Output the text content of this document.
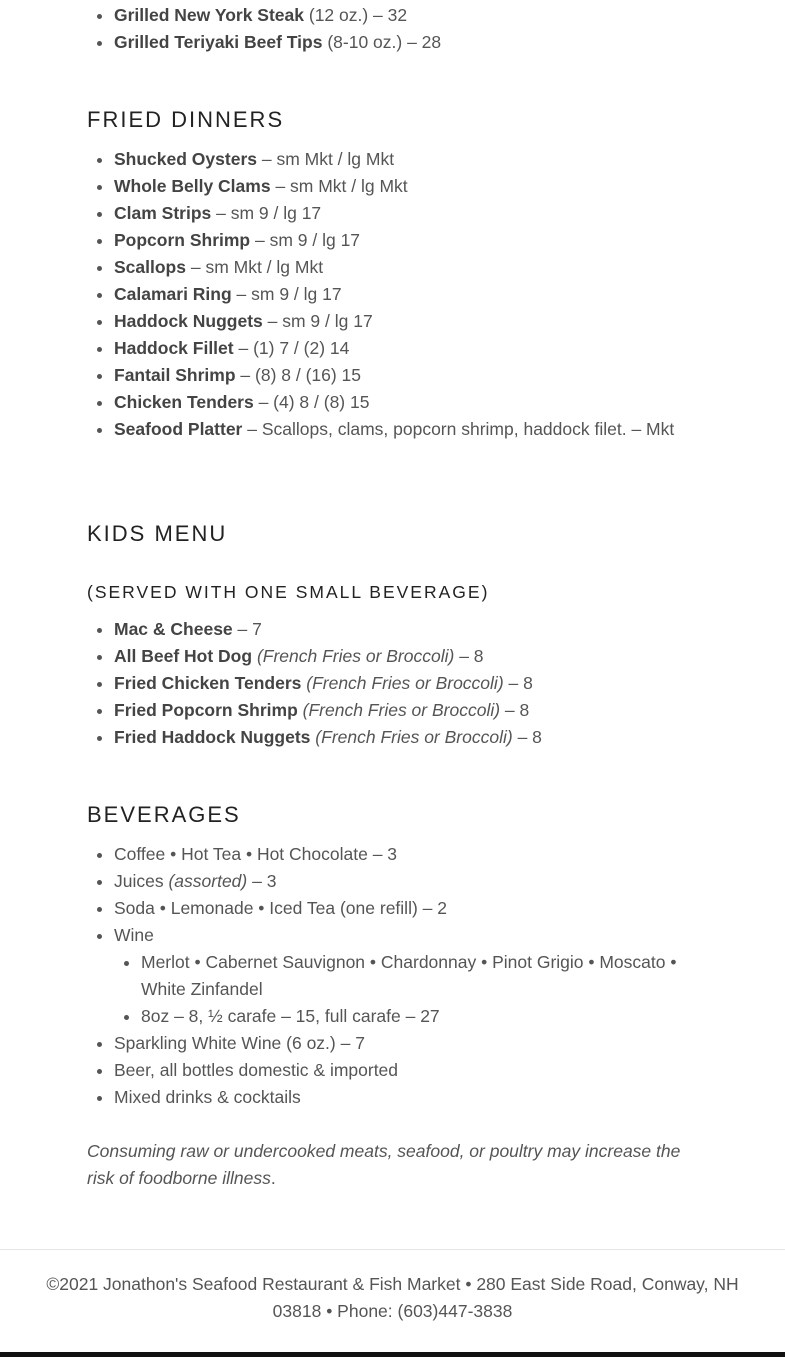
• Grilled New York Steak (12 oz.) – 32
• Grilled Teriyaki Beef Tips (8-10 oz.) – 28
FRIED DINNERS
• Shucked Oysters – sm Mkt / lg Mkt
• Whole Belly Clams – sm Mkt / lg Mkt
• Clam Strips – sm 9 / lg 17
• Popcorn Shrimp – sm 9 / lg 17
• Scallops – sm Mkt / lg Mkt
• Calamari Ring – sm 9 / lg 17
• Haddock Nuggets – sm 9 / lg 17
• Haddock Fillet – (1) 7 / (2) 14
• Fantail Shrimp – (8) 8 / (16) 15
• Chicken Tenders – (4) 8 / (8) 15
• Seafood Platter – Scallops, clams, popcorn shrimp, haddock filet. – Mkt
KIDS MENU
(SERVED WITH ONE SMALL BEVERAGE)
• Mac & Cheese – 7
• All Beef Hot Dog (French Fries or Broccoli) – 8
• Fried Chicken Tenders (French Fries or Broccoli) – 8
• Fried Popcorn Shrimp (French Fries or Broccoli) – 8
• Fried Haddock Nuggets (French Fries or Broccoli) – 8
BEVERAGES
• Coffee • Hot Tea • Hot Chocolate – 3
• Juices (assorted) – 3
• Soda • Lemonade • Iced Tea (one refill) – 2
• Wine
• Merlot • Cabernet Sauvignon • Chardonnay • Pinot Grigio • Moscato • White Zinfandel
• 8oz – 8, ½ carafe – 15, full carafe – 27
• Sparkling White Wine (6 oz.) – 7
• Beer, all bottles domestic & imported
• Mixed drinks & cocktails

Consuming raw or undercooked meats, seafood, or poultry may increase the risk of foodborne illness.

©2021 Jonathon's Seafood Restaurant & Fish Market • 280 East Side Road, Conway, NH 03818 • Phone: (603)447-3838
